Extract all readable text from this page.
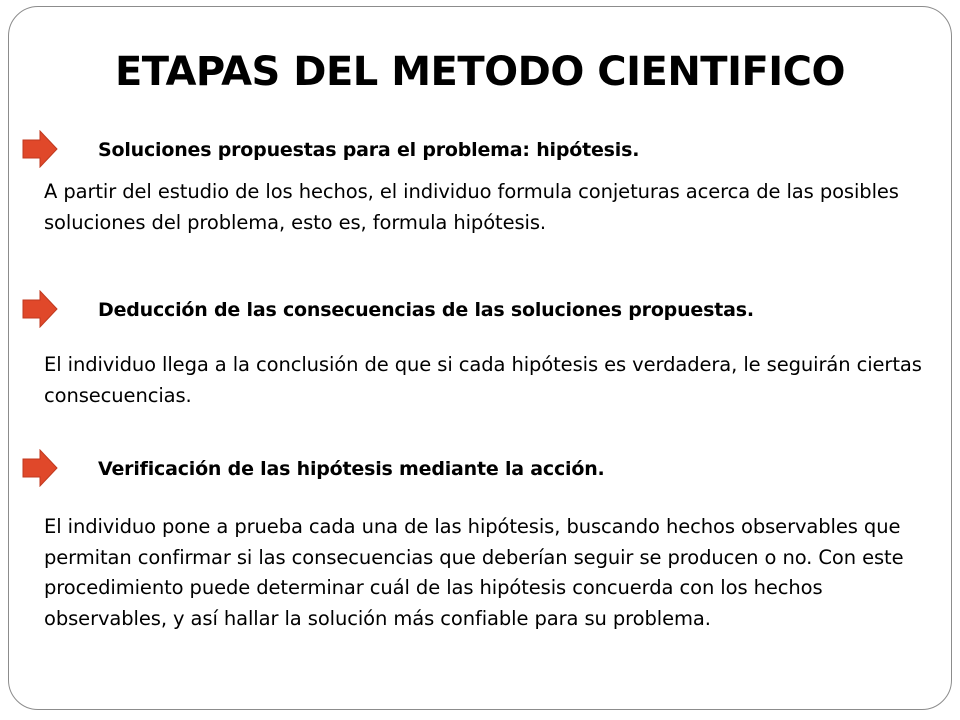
ETAPAS DEL METODO CIENTIFICO
Soluciones propuestas para el problema: hipótesis.

A partir del estudio de los hechos, el individuo formula conjeturas acerca de las posibles soluciones del problema, esto es, formula hipótesis.

Deducción de las consecuencias de las soluciones propuestas.

El individuo llega a la conclusión de que si cada hipótesis es verdadera, le seguirán ciertas consecuencias.

Verificación de las hipótesis mediante la acción.

El individuo pone a prueba cada una de las hipótesis, buscando hechos observables que permitan confirmar si las consecuencias que deberían seguir se producen o no. Con este procedimiento puede determinar cuál de las hipótesis concuerda con los hechos observables, y así hallar la solución más confiable para su problema.
